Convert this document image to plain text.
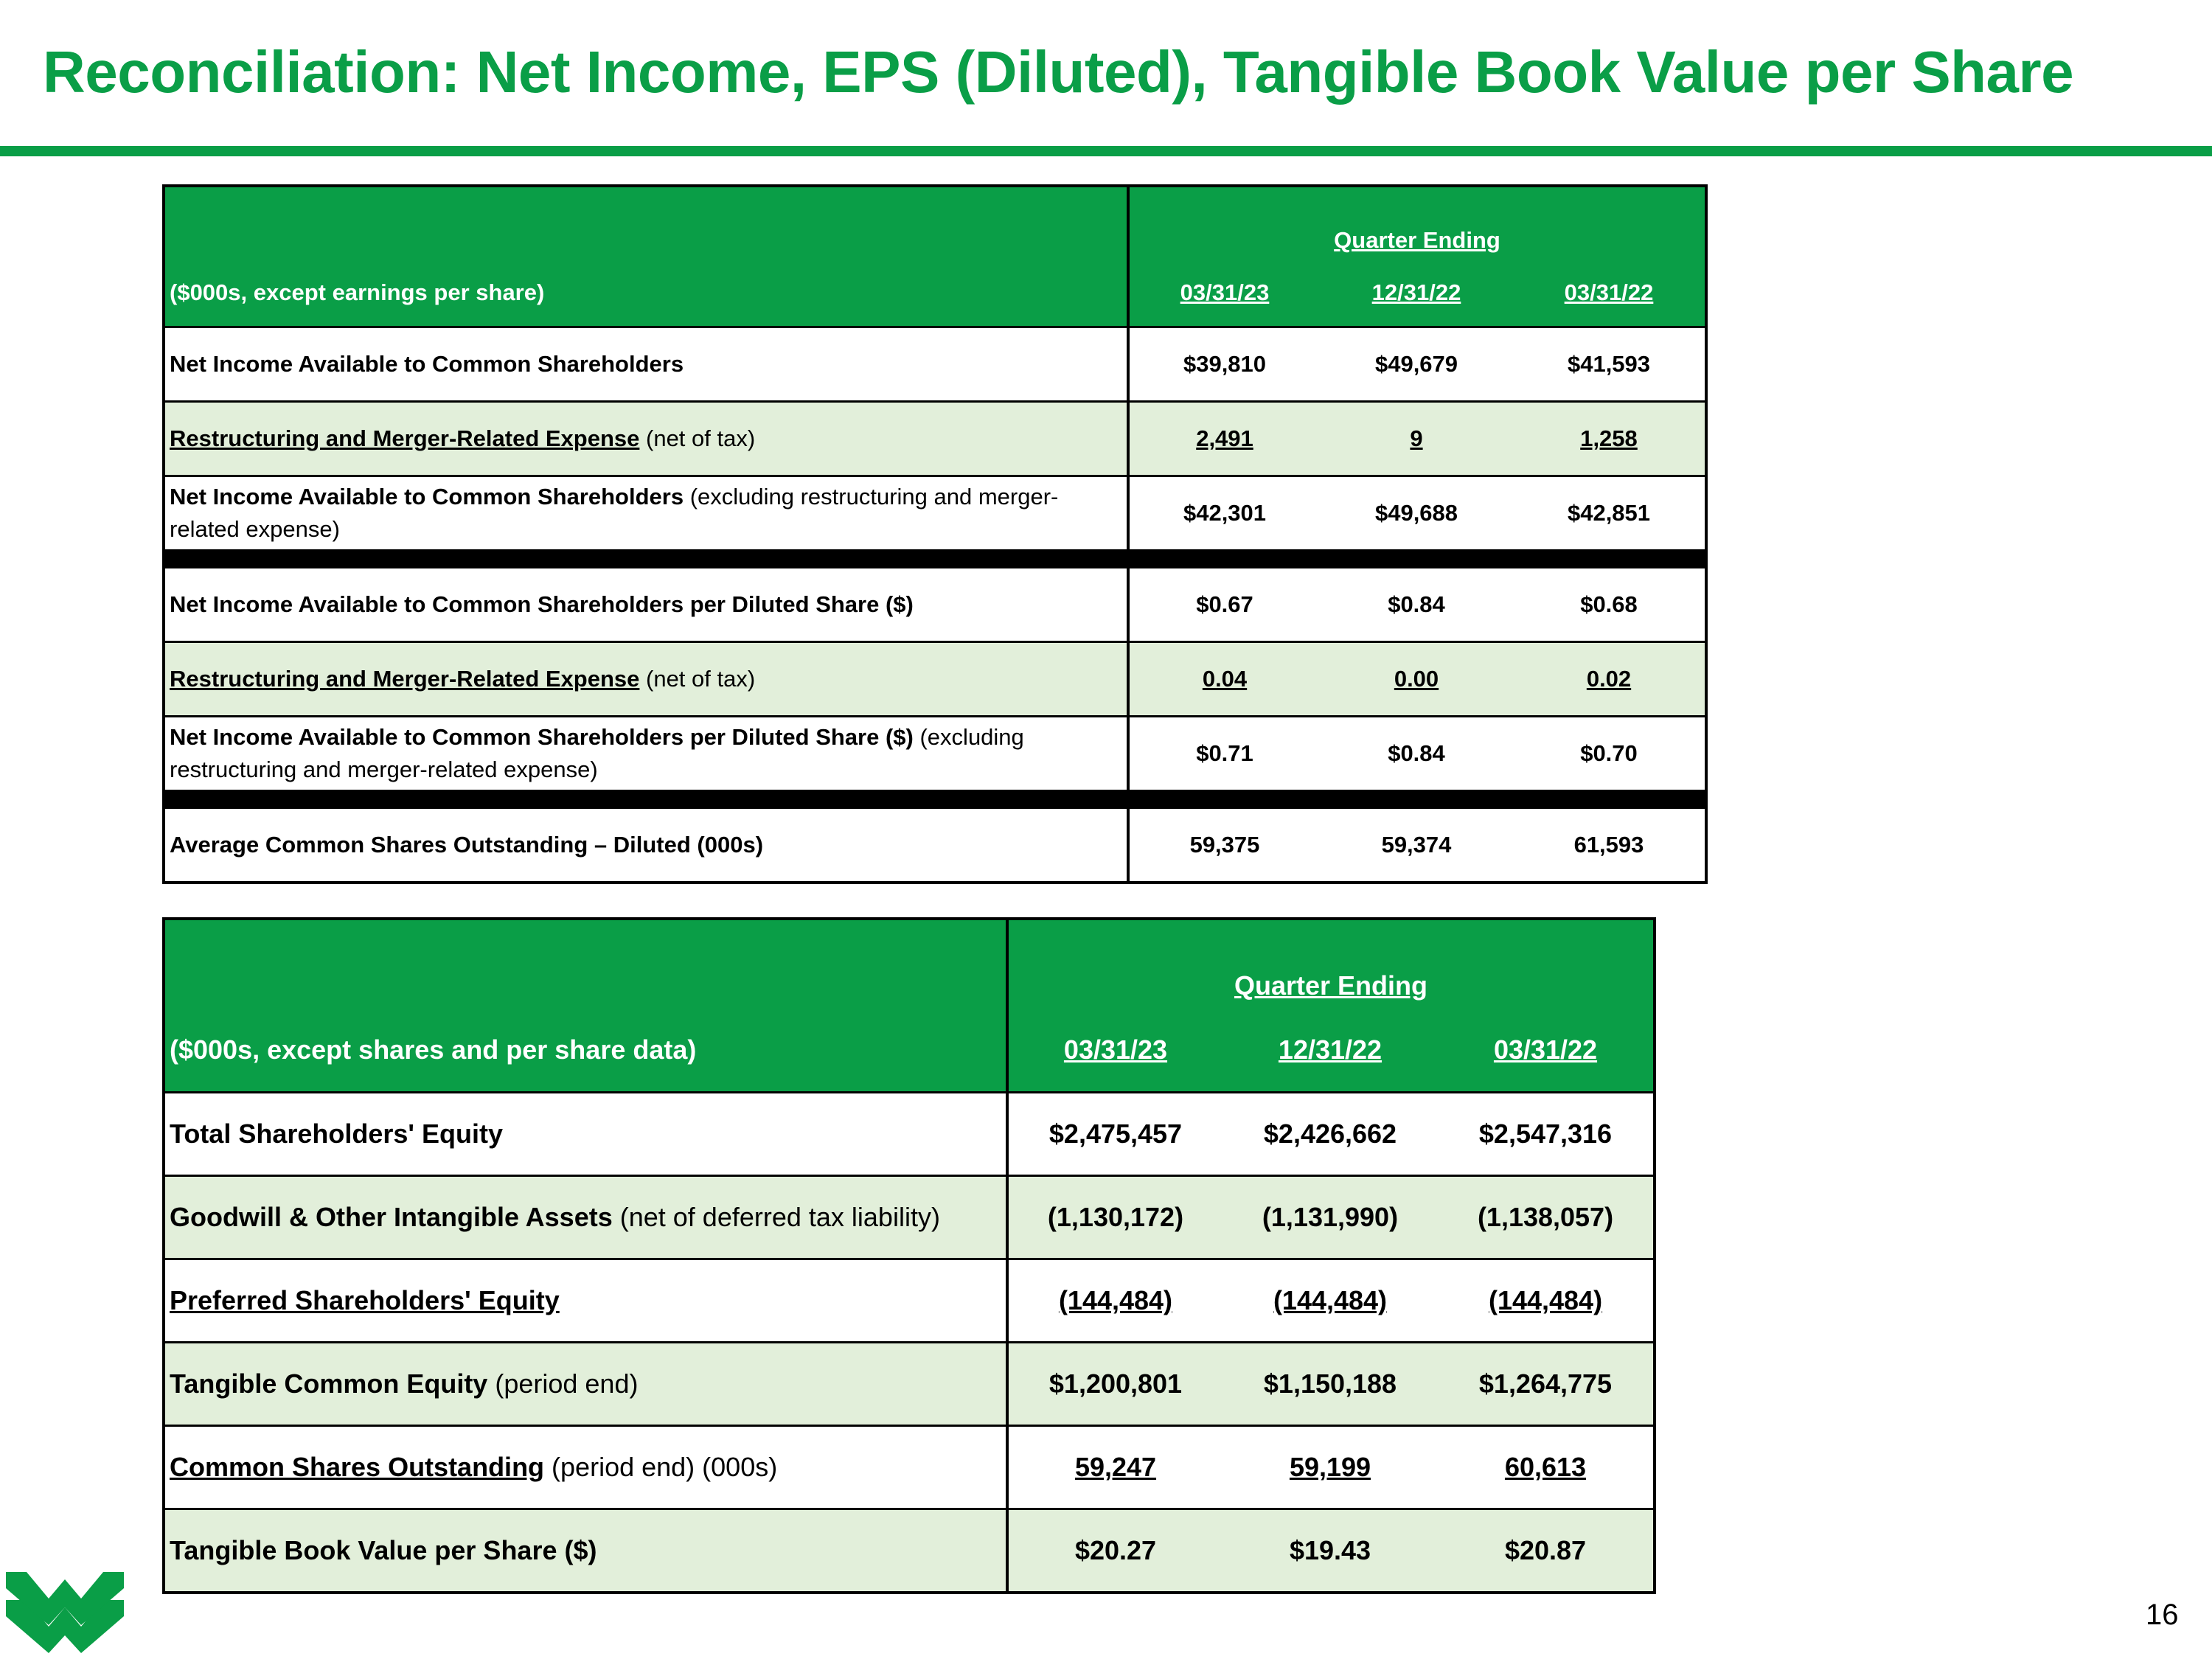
Reconciliation: Net Income, EPS (Diluted), Tangible Book Value per Share
	Quarter Ending		
($000s, except earnings per share)	03/31/23	12/31/22	03/31/22
Net Income Available to Common Shareholders	$39,810	$49,679	$41,593
Restructuring and Merger-Related Expense (net of tax)	2,491	9	1,258
Net Income Available to Common Shareholders (excluding restructuring and merger-related expense)	$42,301	$49,688	$42,851

Net Income Available to Common Shareholders per Diluted Share ($)	$0.67	$0.84	$0.68
Restructuring and Merger-Related Expense (net of tax)	0.04	0.00	0.02
Net Income Available to Common Shareholders per Diluted Share ($) (excluding restructuring and merger-related expense)	$0.71	$0.84	$0.70

Average Common Shares Outstanding – Diluted (000s)	59,375	59,374	61,593
	Quarter Ending		
($000s, except shares and per share data)	03/31/23	12/31/22	03/31/22
Total Shareholders' Equity	$2,475,457	$2,426,662	$2,547,316
Goodwill & Other Intangible Assets (net of deferred tax liability)	(1,130,172)	(1,131,990)	(1,138,057)
Preferred Shareholders' Equity	(144,484)	(144,484)	(144,484)
Tangible Common Equity (period end)	$1,200,801	$1,150,188	$1,264,775
Common Shares Outstanding (period end) (000s)	59,247	59,199	60,613
Tangible Book Value per Share ($)	$20.27	$19.43	$20.87
16
